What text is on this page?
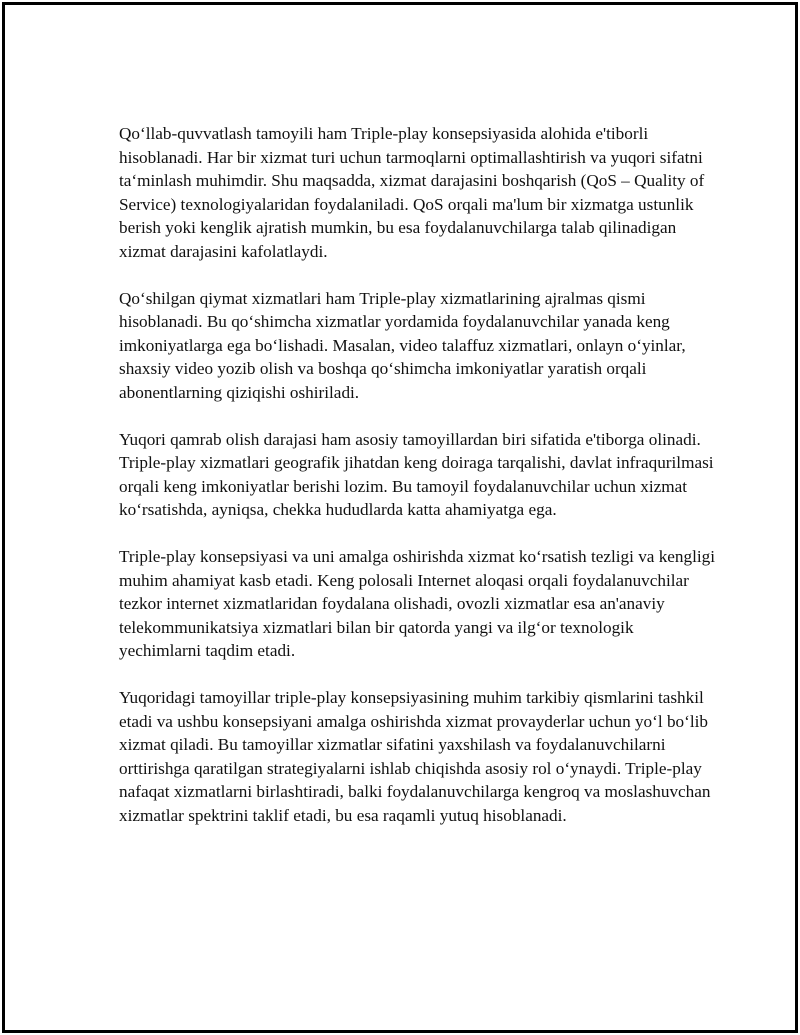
Qo‘llab-quvvatlash tamoyili ham Triple-play konsepsiyasida alohida e'tiborli hisoblanadi. Har bir xizmat turi uchun tarmoqlarni optimallashtirish va yuqori sifatni ta‘minlash muhimdir. Shu maqsadda, xizmat darajasini boshqarish (QoS – Quality of Service) texnologiyalaridan foydalaniladi. QoS orqali ma'lum bir xizmatga ustunlik berish yoki kenglik ajratish mumkin, bu esa foydalanuvchilarga talab qilinadigan xizmat darajasini kafolatlaydi.

Qo‘shilgan qiymat xizmatlari ham Triple-play xizmatlarining ajralmas qismi hisoblanadi. Bu qo‘shimcha xizmatlar yordamida foydalanuvchilar yanada keng imkoniyatlarga ega bo‘lishadi. Masalan, video talaffuz xizmatlari, onlayn o‘yinlar, shaxsiy video yozib olish va boshqa qo‘shimcha imkoniyatlar yaratish orqali abonentlarning qiziqishi oshiriladi.

Yuqori qamrab olish darajasi ham asosiy tamoyillardan biri sifatida e'tiborga olinadi. Triple-play xizmatlari geografik jihatdan keng doiraga tarqalishi, davlat infraqurilmasi orqali keng imkoniyatlar berishi lozim. Bu tamoyil foydalanuvchilar uchun xizmat ko‘rsatishda, ayniqsa, chekka hududlarda katta ahamiyatga ega.

Triple-play konsepsiyasi va uni amalga oshirishda xizmat ko‘rsatish tezligi va kengligi muhim ahamiyat kasb etadi. Keng polosali Internet aloqasi orqali foydalanuvchilar tezkor internet xizmatlaridan foydalana olishadi, ovozli xizmatlar esa an'anaviy telekommunikatsiya xizmatlari bilan bir qatorda yangi va ilg‘or texnologik yechimlarni taqdim etadi.

Yuqoridagi tamoyillar triple-play konsepsiyasining muhim tarkibiy qismlarini tashkil etadi va ushbu konsepsiyani amalga oshirishda xizmat provayderlar uchun yo‘l bo‘lib xizmat qiladi. Bu tamoyillar xizmatlar sifatini yaxshilash va foydalanuvchilarni orttirishga qaratilgan strategiyalarni ishlab chiqishda asosiy rol o‘ynaydi. Triple-play nafaqat xizmatlarni birlashtiradi, balki foydalanuvchilarga kengroq va moslashuvchan xizmatlar spektrini taklif etadi, bu esa raqamli yutuq hisoblanadi.
